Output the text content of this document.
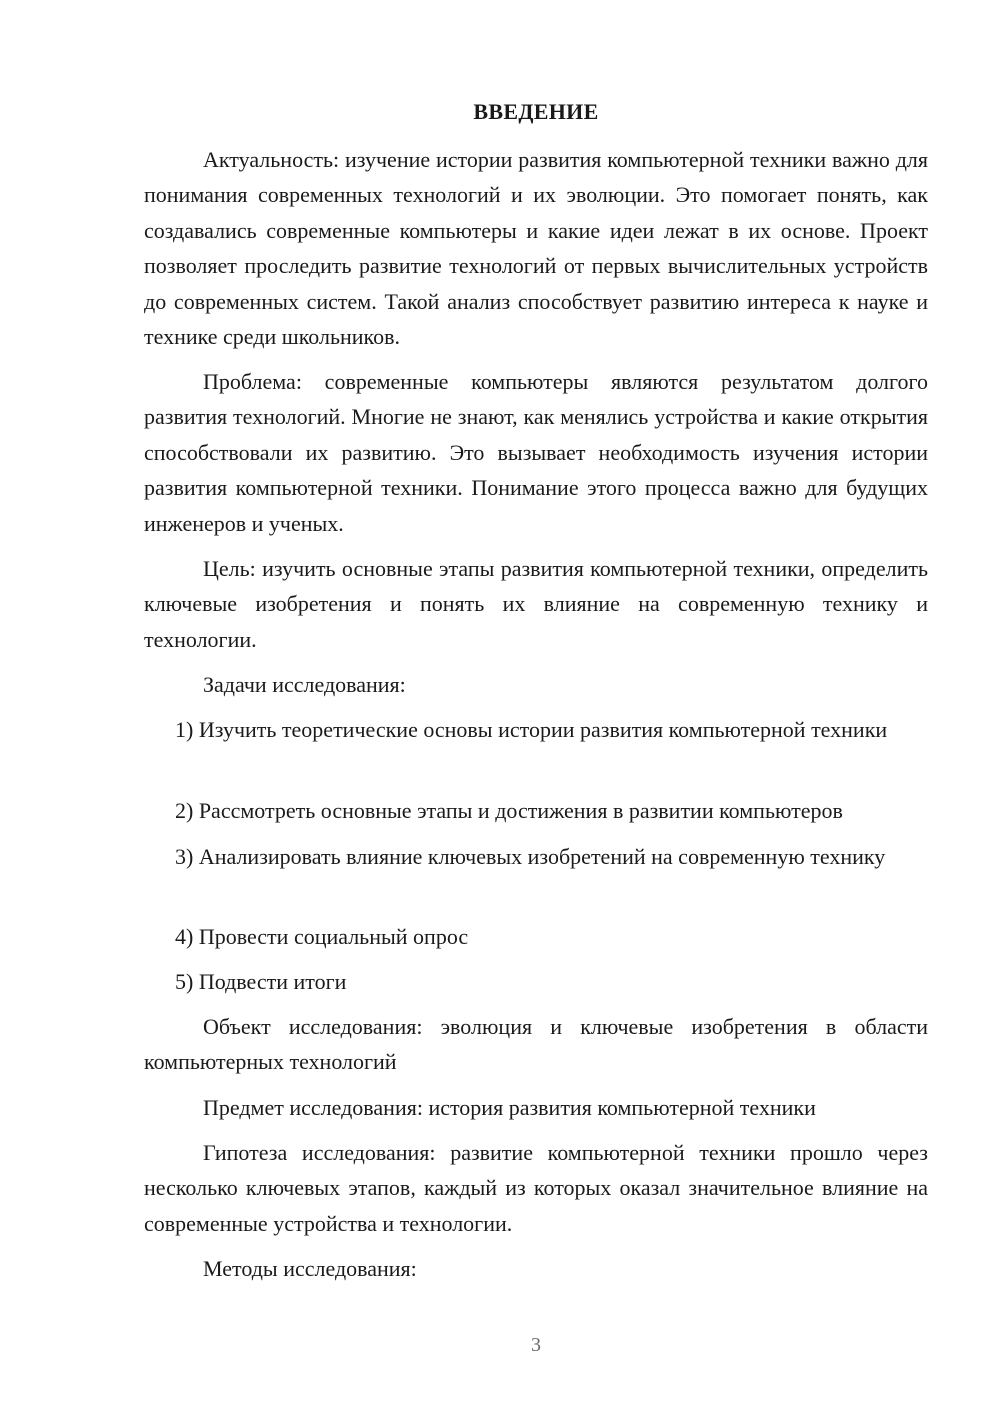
ВВЕДЕНИЕ

Актуальность: изучение истории развития компьютерной техники важно для понимания современных технологий и их эволюции. Это помогает понять, как создавались современные компьютеры и какие идеи лежат в их основе. Проект позволяет проследить развитие технологий от первых вычислительных устройств до современных систем. Такой анализ способствует развитию интереса к науке и технике среди школьников.

Проблема: современные компьютеры являются результатом долгого развития технологий. Многие не знают, как менялись устройства и какие открытия способствовали их развитию. Это вызывает необходимость изучения истории развития компьютерной техники. Понимание этого процесса важно для будущих инженеров и ученых.

Цель: изучить основные этапы развития компьютерной техники, определить ключевые изобретения и понять их влияние на современную технику и технологии.

Задачи исследования:

1) Изучить теоретические основы истории развития компьютерной техники

2) Рассмотреть основные этапы и достижения в развитии компьютеров

3) Анализировать влияние ключевых изобретений на современную технику

4) Провести социальный опрос

5) Подвести итоги

Объект исследования: эволюция и ключевые изобретения в области компьютерных технологий

Предмет исследования: история развития компьютерной техники

Гипотеза исследования: развитие компьютерной техники прошло через несколько ключевых этапов, каждый из которых оказал значительное влияние на современные устройства и технологии.

Методы исследования:

3
